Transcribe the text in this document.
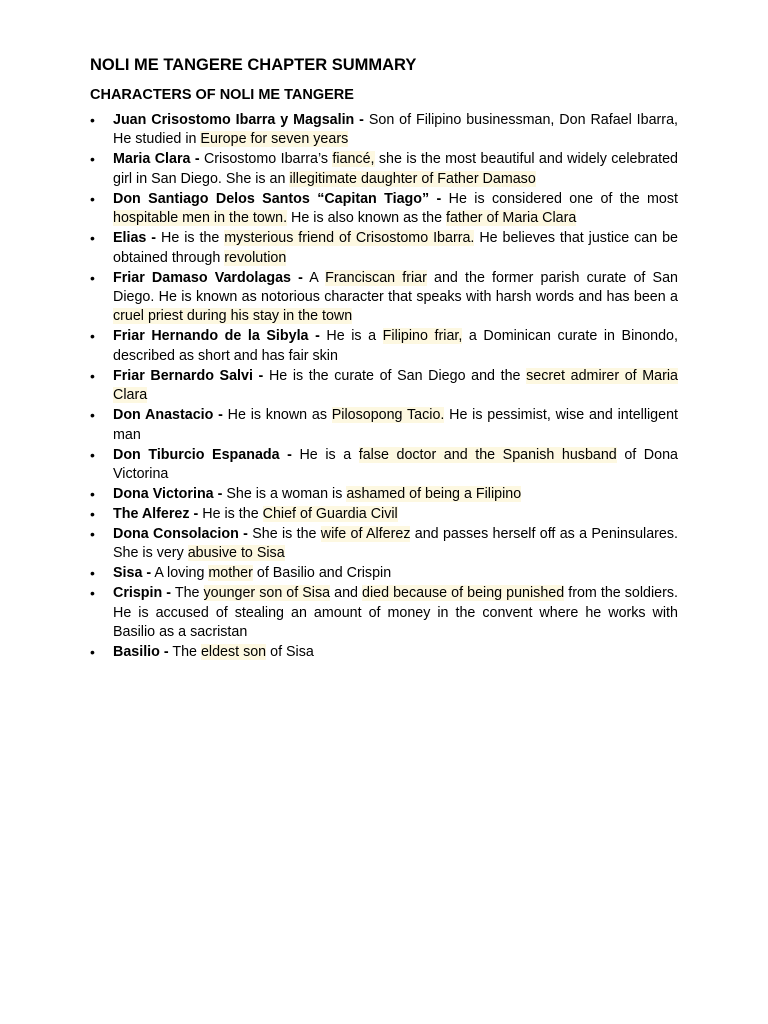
NOLI ME TANGERE CHAPTER SUMMARY
CHARACTERS OF NOLI ME TANGERE
• Juan Crisostomo Ibarra y Magsalin - Son of Filipino businessman, Don Rafael Ibarra, He studied in Europe for seven years
• Maria Clara - Crisostomo Ibarra’s fiancé, she is the most beautiful and widely celebrated girl in San Diego. She is an illegitimate daughter of Father Damaso
• Don Santiago Delos Santos “Capitan Tiago” - He is considered one of the most hospitable men in the town. He is also known as the father of Maria Clara
• Elias - He is the mysterious friend of Crisostomo Ibarra. He believes that justice can be obtained through revolution
• Friar Damaso Vardolagas - A Franciscan friar and the former parish curate of San Diego. He is known as notorious character that speaks with harsh words and has been a cruel priest during his stay in the town
• Friar Hernando de la Sibyla - He is a Filipino friar, a Dominican curate in Binondo, described as short and has fair skin
• Friar Bernardo Salvi - He is the curate of San Diego and the secret admirer of Maria Clara
• Don Anastacio - He is known as Pilosopong Tacio. He is pessimist, wise and intelligent man
• Don Tiburcio Espanada - He is a false doctor and the Spanish husband of Dona Victorina
• Dona Victorina - She is a woman is ashamed of being a Filipino
• The Alferez - He is the Chief of Guardia Civil
• Dona Consolacion - She is the wife of Alferez and passes herself off as a Peninsulares. She is very abusive to Sisa
• Sisa - A loving mother of Basilio and Crispin
• Crispin - The younger son of Sisa and died because of being punished from the soldiers. He is accused of stealing an amount of money in the convent where he works with Basilio as a sacristan
• Basilio - The eldest son of Sisa
